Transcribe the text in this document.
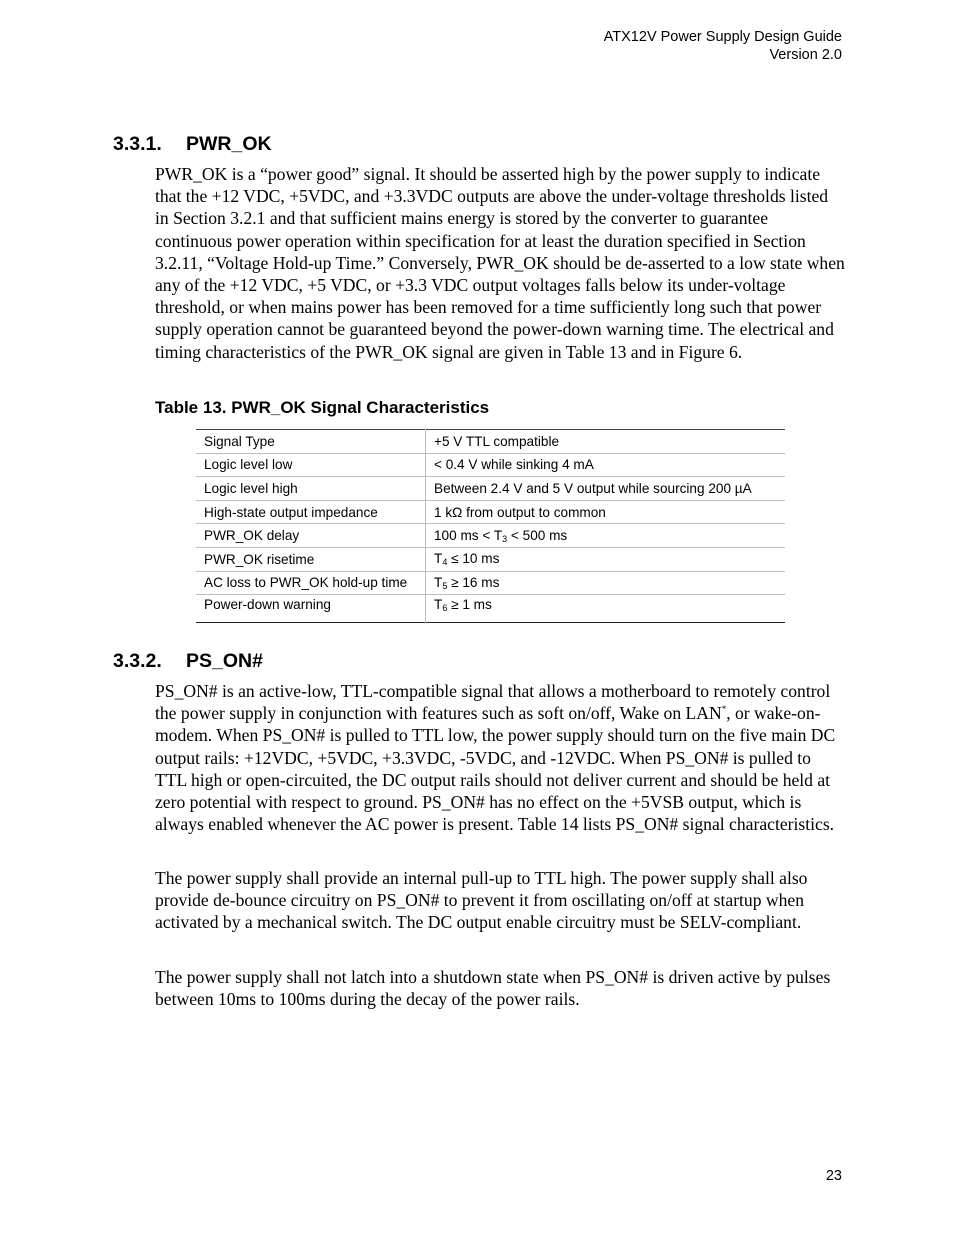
ATX12V Power Supply Design Guide
Version 2.0
3.3.1. PWR_OK

PWR_OK is a “power good” signal. It should be asserted high by the power supply to indicate that the +12 VDC, +5VDC, and +3.3VDC outputs are above the under-voltage thresholds listed in Section 3.2.1 and that sufficient mains energy is stored by the converter to guarantee continuous power operation within specification for at least the duration specified in Section 3.2.11, “Voltage Hold-up Time.” Conversely, PWR_OK should be de-asserted to a low state when any of the +12 VDC, +5 VDC, or +3.3 VDC output voltages falls below its under-voltage threshold, or when mains power has been removed for a time sufficiently long such that power supply operation cannot be guaranteed beyond the power-down warning time. The electrical and timing characteristics of the PWR_OK signal are given in Table 13 and in Figure 6.

Table 13. PWR_OK Signal Characteristics
Signal Type	+5 V TTL compatible
Logic level low	< 0.4 V while sinking 4 mA
Logic level high	Between 2.4 V and 5 V output while sourcing 200 µA
High-state output impedance	1 kΩ from output to common
PWR_OK delay	100 ms < $T_3 < 500$ ms
PWR_OK risetime	$T_4 \le 10$ ms
AC loss to PWR_OK hold-up time	$T_5 \ge 16$ ms
Power-down warning	$T_6 \ge 1$ ms
3.3.2. PS_ON#

PS_ON# is an active-low, TTL-compatible signal that allows a motherboard to remotely control the power supply in conjunction with features such as soft on/off, Wake on LAN*, or wake-on-modem. When PS_ON# is pulled to TTL low, the power supply should turn on the five main DC output rails: +12VDC, +5VDC, +3.3VDC, -5VDC, and -12VDC. When PS_ON# is pulled to TTL high or open-circuited, the DC output rails should not deliver current and should be held at zero potential with respect to ground. PS_ON# has no effect on the +5VSB output, which is always enabled whenever the AC power is present. Table 14 lists PS_ON# signal characteristics.

The power supply shall provide an internal pull-up to TTL high. The power supply shall also provide de-bounce circuitry on PS_ON# to prevent it from oscillating on/off at startup when activated by a mechanical switch. The DC output enable circuitry must be SELV-compliant.

The power supply shall not latch into a shutdown state when PS_ON# is driven active by pulses between 10ms to 100ms during the decay of the power rails.

23
